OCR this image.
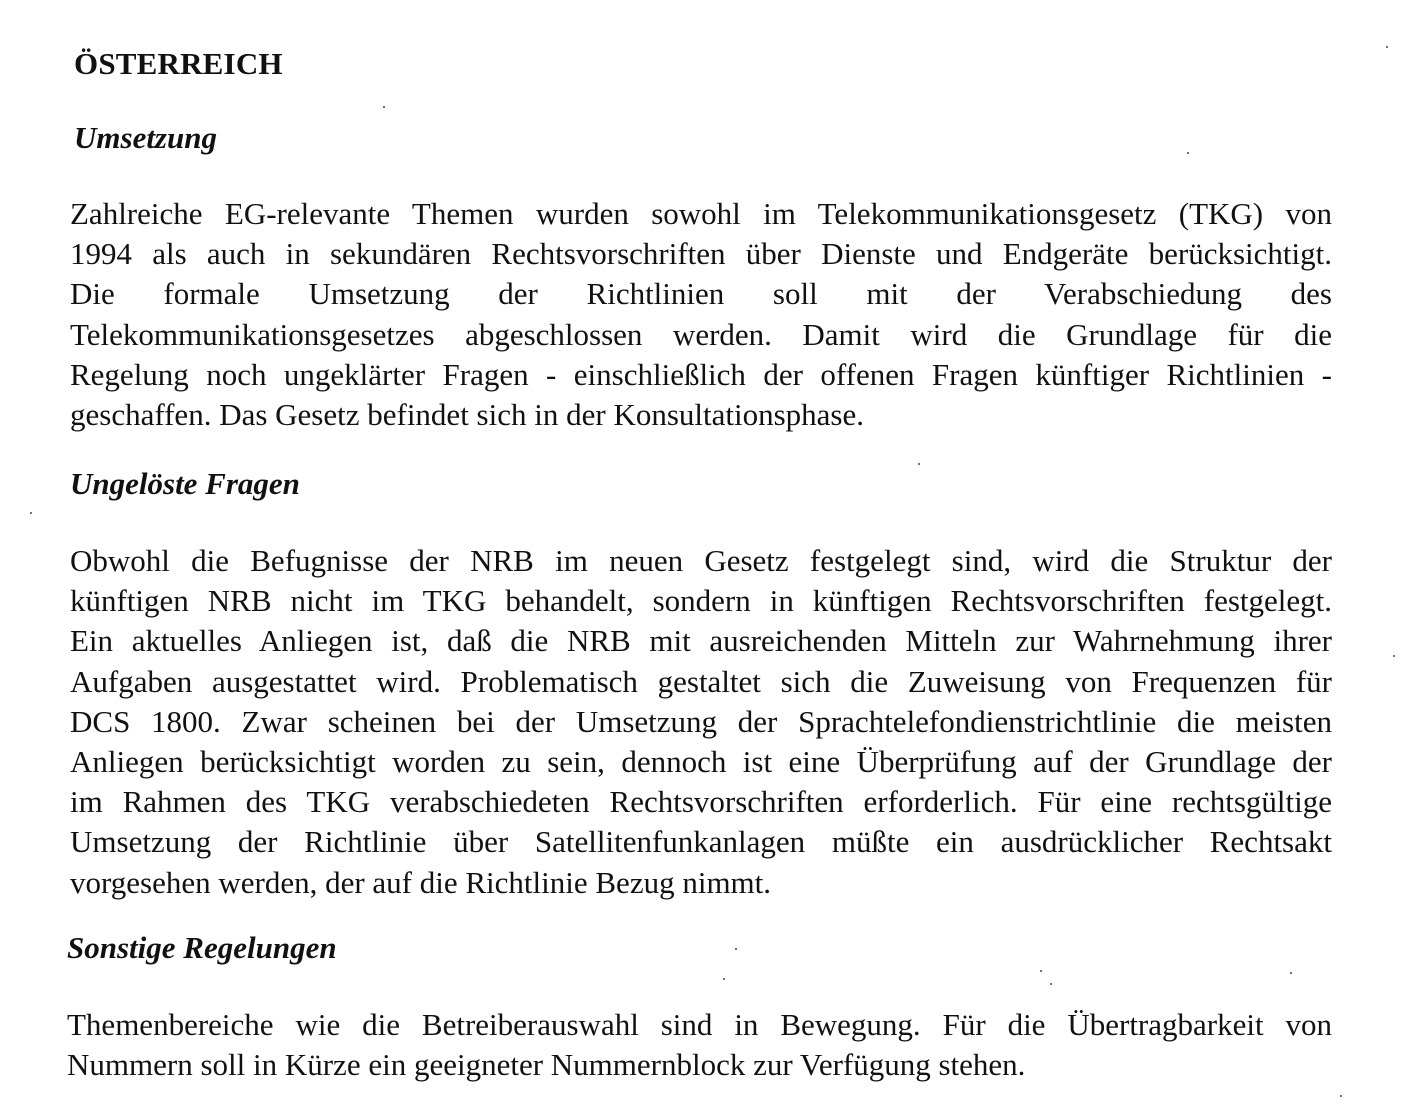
ÖSTERREICH
Umsetzung
Zahlreiche EG-relevante Themen wurden sowohl im Telekommunikationsgesetz (TKG) von
1994 als auch in sekundären Rechtsvorschriften über Dienste und Endgeräte berücksichtigt.
Die formale Umsetzung der Richtlinien soll mit der Verabschiedung des
Telekommunikationsgesetzes abgeschlossen werden. Damit wird die Grundlage für die
Regelung noch ungeklärter Fragen - einschließlich der offenen Fragen künftiger Richtlinien -
geschaffen. Das Gesetz befindet sich in der Konsultationsphase.
Ungelöste Fragen
Obwohl die Befugnisse der NRB im neuen Gesetz festgelegt sind, wird die Struktur der
künftigen NRB nicht im TKG behandelt, sondern in künftigen Rechtsvorschriften festgelegt.
Ein aktuelles Anliegen ist, daß die NRB mit ausreichenden Mitteln zur Wahrnehmung ihrer
Aufgaben ausgestattet wird. Problematisch gestaltet sich die Zuweisung von Frequenzen für
DCS 1800. Zwar scheinen bei der Umsetzung der Sprachtelefondienstrichtlinie die meisten
Anliegen berücksichtigt worden zu sein, dennoch ist eine Überprüfung auf der Grundlage der
im Rahmen des TKG verabschiedeten Rechtsvorschriften erforderlich. Für eine rechtsgültige
Umsetzung der Richtlinie über Satellitenfunkanlagen müßte ein ausdrücklicher Rechtsakt
vorgesehen werden, der auf die Richtlinie Bezug nimmt.
Sonstige Regelungen
Themenbereiche wie die Betreiberauswahl sind in Bewegung. Für die Übertragbarkeit von
Nummern soll in Kürze ein geeigneter Nummernblock zur Verfügung stehen.
